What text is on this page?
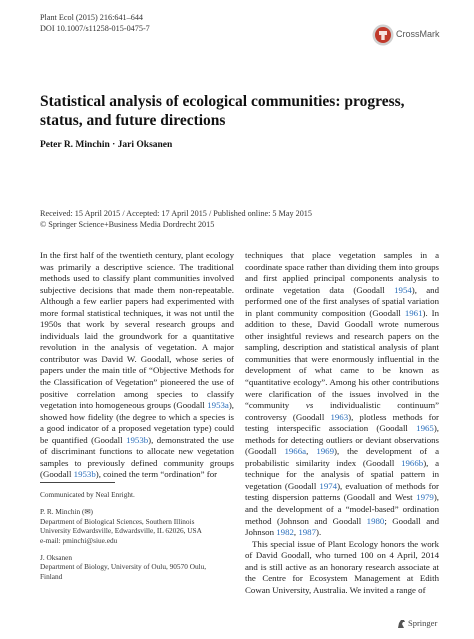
Plant Ecol (2015) 216:641–644
DOI 10.1007/s11258-015-0475-7
CrossMark
Statistical analysis of ecological communities: progress, status, and future directions
Peter R. Minchin · Jari Oksanen
Received: 15 April 2015 / Accepted: 17 April 2015 / Published online: 5 May 2015
© Springer Science+Business Media Dordrecht 2015

In the first half of the twentieth century, plant ecology was primarily a descriptive science. The traditional methods used to classify plant communities involved subjective decisions that made them non-repeatable. Although a few earlier papers had experimented with more formal statistical techniques, it was not until the 1950s that work by several research groups and individuals laid the groundwork for a quantitative revolution in the analysis of vegetation. A major contributor was David W. Goodall, whose series of papers under the main title of “Objective Methods for the Classification of Vegetation” pioneered the use of positive correlation among species to classify vegetation into homogeneous groups (Goodall 1953a), showed how fidelity (the degree to which a species is a good indicator of a proposed vegetation type) could be quantified (Goodall 1953b), demonstrated the use of discriminant functions to allocate new vegetation samples to previously defined community groups (Goodall 1953b), coined the term “ordination” for

techniques that place vegetation samples in a coordinate space rather than dividing them into groups and first applied principal components analysis to ordinate vegetation data (Goodall 1954), and performed one of the first analyses of spatial variation in plant community composition (Goodall 1961). In addition to these, David Goodall wrote numerous other insightful reviews and research papers on the sampling, description and statistical analysis of plant communities that were enormously influential in the development of what came to be known as “quantitative ecology”. Among his other contributions were clarification of the issues involved in the “community vs individualistic continuum” controversy (Goodall 1963), plotless methods for testing interspecific association (Goodall 1965), methods for detecting outliers or deviant observations (Goodall 1966a, 1969), the development of a probabilistic similarity index (Goodall 1966b), a technique for the analysis of spatial pattern in vegetation (Goodall 1974), evaluation of methods for testing dispersion patterns (Goodall and West 1979), and the development of a “model-based” ordination method (Johnson and Goodall 1980; Goodall and Johnson 1982, 1987).

This special issue of Plant Ecology honors the work of David Goodall, who turned 100 on 4 April, 2014 and is still active as an honorary research associate at the Centre for Ecosystem Management at Edith Cowan University, Australia. We invited a range of

Communicated by Neal Enright.

P. R. Minchin (✉)

Department of Biological Sciences, Southern Illinois

University Edwardsville, Edwardsville, IL 62026, USA

e-mail: pminchi@siue.edu

J. Oksanen

Department of Biology, University of Oulu, 90570 Oulu,

Finland

Springer
